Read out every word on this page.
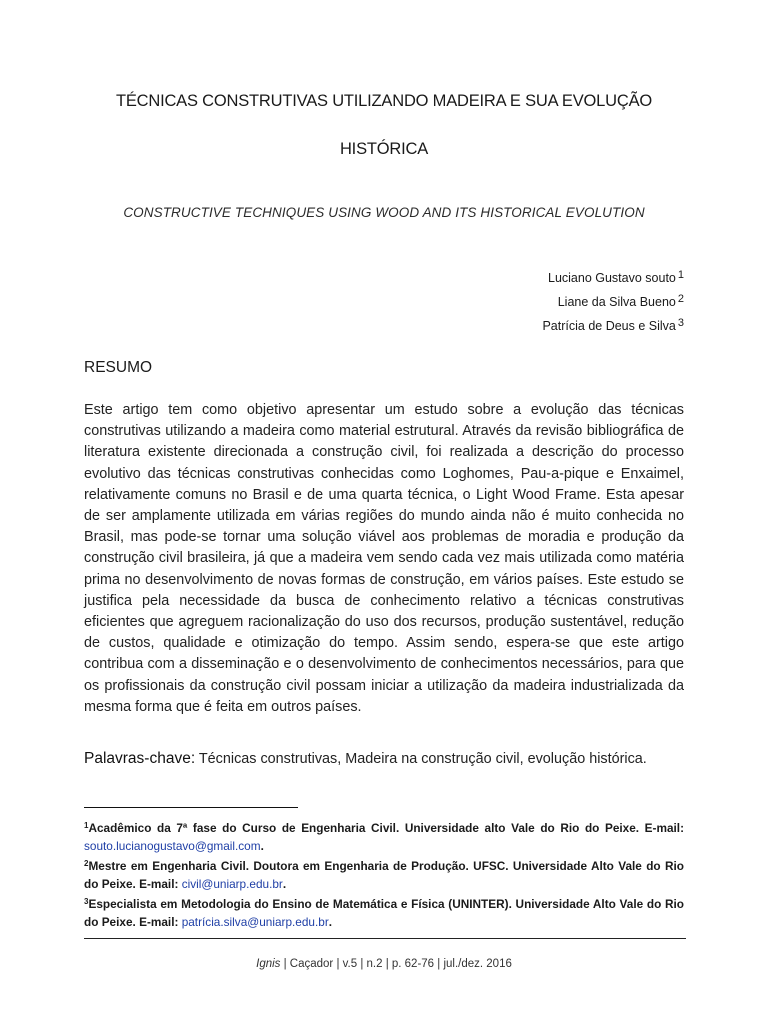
TÉCNICAS CONSTRUTIVAS UTILIZANDO MADEIRA E SUA EVOLUÇÃO
HISTÓRICA
CONSTRUCTIVE TECHNIQUES USING WOOD AND ITS HISTORICAL EVOLUTION
Luciano Gustavo souto $^1$
Liane da Silva Bueno $^2$
Patrícia de Deus e Silva $^3$
RESUMO

Este artigo tem como objetivo apresentar um estudo sobre a evolução das técnicas construtivas utilizando a madeira como material estrutural. Através da revisão bibliográfica de literatura existente direcionada a construção civil, foi realizada a descrição do processo evolutivo das técnicas construtivas conhecidas como Loghomes, Pau-a-pique e Enxaimel, relativamente comuns no Brasil e de uma quarta técnica, o Light Wood Frame. Esta apesar de ser amplamente utilizada em várias regiões do mundo ainda não é muito conhecida no Brasil, mas pode-se tornar uma solução viável aos problemas de moradia e produção da construção civil brasileira, já que a madeira vem sendo cada vez mais utilizada como matéria prima no desenvolvimento de novas formas de construção, em vários países. Este estudo se justifica pela necessidade da busca de conhecimento relativo a técnicas construtivas eficientes que agreguem racionalização do uso dos recursos, produção sustentável, redução de custos, qualidade e otimização do tempo. Assim sendo, espera-se que este artigo contribua com a disseminação e o desenvolvimento de conhecimentos necessários, para que os profissionais da construção civil possam iniciar a utilização da madeira industrializada da mesma forma que é feita em outros países.

Palavras-chave: Técnicas construtivas, Madeira na construção civil, evolução histórica.

$^1$Acadêmico da 7ª fase do Curso de Engenharia Civil. Universidade alto Vale do Rio do Peixe. E-mail: souto.lucianogustavo@gmail.com.

$^2$Mestre em Engenharia Civil. Doutora em Engenharia de Produção. UFSC. Universidade Alto Vale do Rio do Peixe. E-mail: civil@uniarp.edu.br.

$^3$Especialista em Metodologia do Ensino de Matemática e Física (UNINTER). Universidade Alto Vale do Rio do Peixe. E-mail: patrícia.silva@uniarp.edu.br.

Ignis | Caçador | v.5 | n.2 | p. 62-76 | jul./dez. 2016
